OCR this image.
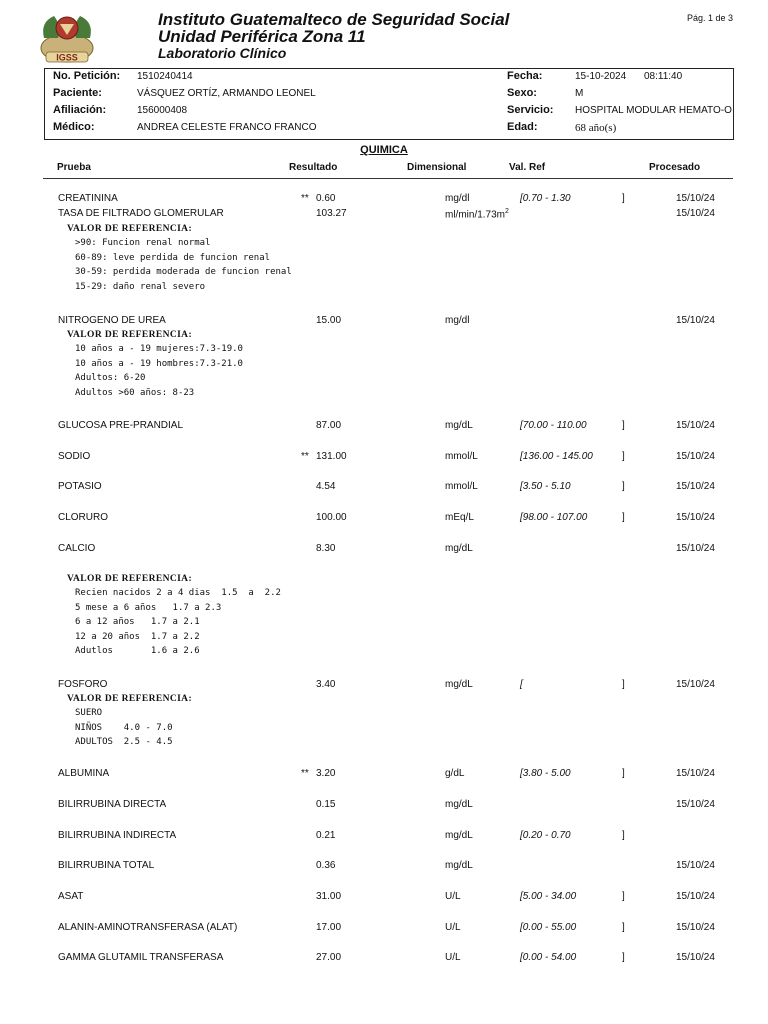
IGSS
Instituto Guatemalteco de Seguridad Social
Unidad Periférica Zona 11
Laboratorio Clínico
Pág. 1 de 3
No. Petición: 1510240414
Paciente:	VÁSQUEZ ORTÍZ, ARMANDO LEONEL
Afiliación:	156000408
Médico:	ANDREA CELESTE FRANCO FRANCO
Fecha:	15-10-2024 08:11:40
Sexo:	M
Servicio: HOSPITAL MODULAR HEMATO-O
Edad:	68 año(s)
QUIMICA
Prueba	Resultado	Dimensional	Val. Ref	Procesado
CREATININA	** 0.60	mg/dl	[0.70 - 1.30	]	15/10/24
TASA DE FILTRADO GLOMERULAR	103.27	$ml/\min/1.73m^2$	15/10/24
NITROGENO DE UREA	15.00	mg/dl	15/10/24
GLUCOSA PRE-PRANDIAL	87.00	mg/dL	[70.00 - 110.00	]	15/10/24
SODIO	** 131.00	mmol/L	[136.00 - 145.00	]	15/10/24
POTASIO	4.54	mmol/L	[3.50 - 5.10	]	15/10/24
CLORURO	100.00	mEq/L	[98.00 - 107.00	]	15/10/24
CALCIO	8.30	mg/dL	15/10/24
FOSFORO	3.40	mg/dL	[	]	15/10/24
ALBUMINA	** 3.20	g/dL	[3.80 - 5.00	]	15/10/24
BILIRRUBINA DIRECTA	0.15	mg/dL	15/10/24
BILIRRUBINA INDIRECTA	0.21	mg/dL	[0.20 - 0.70	]
BILIRRUBINA TOTAL	0.36	mg/dL	15/10/24
ASAT	31.00	U/L	[5.00 - 34.00	]	15/10/24
ALANIN-AMINOTRANSFERASA (ALAT)	17.00	U/L	[0.00 - 55.00	]	15/10/24
GAMMA GLUTAMIL TRANSFERASA	27.00	U/L	[0.00 - 54.00	]	15/10/24
VALOR DE REFERENCIA:
>90: Funcion renal normal
60-89: leve perdida de funcion renal
30-59: perdida moderada de funcion renal
15-29: daño renal severo
VALOR DE REFERENCIA:
10 años a - 19 mujeres:7.3-19.0
10 años a - 19 hombres:7.3-21.0
Adultos: 6-20
Adultos >60 años: 8-23
VALOR DE REFERENCIA:
Recien nacidos 2 a 4 dias  1.5  a  2.2
5 mese a 6 años   1.7 a 2.3
6 a 12 años   1.7 a 2.1
12 a 20 años  1.7 a 2.2
Adutlos       1.6 a 2.6
VALOR DE REFERENCIA:
SUERO
NIÑOS    4.0 - 7.0
ADULTOS  2.5 - 4.5
